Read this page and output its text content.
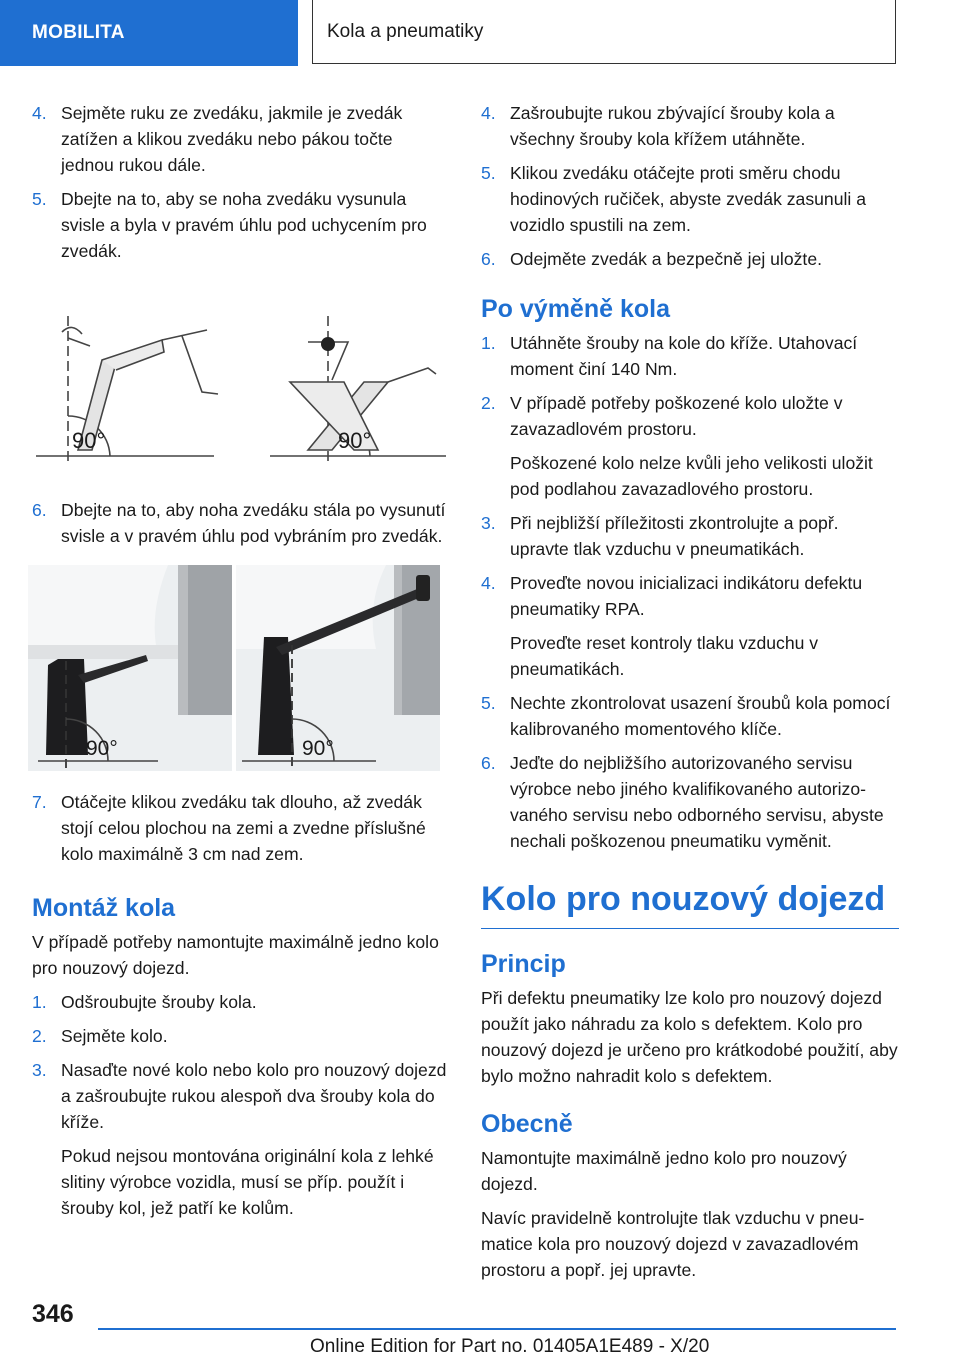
MOBILITA	Kola a pneumatiky
4. Sejměte ruku ze zvedáku, jakmile je zvedák zatížen a klikou zvedáku nebo pákou točte jednou rukou dále.
5. Dbejte na to, aby se noha zvedáku vysunula svisle a byla v pravém úhlu pod uchycením pro zvedák.
90°	90°
6. Dbejte na to, aby noha zvedáku stála po vysunutí svisle a v pravém úhlu pod vybráním pro zvedák.
90°	90°
7. Otáčejte klikou zvedáku tak dlouho, až zvedák stojí celou plochou na zemi a zvedne příslušné kolo maximálně 3 cm nad zem.
Montáž kola

V případě potřeby namontujte maximálně jedno kolo pro nouzový dojezd.

1. Odšroubujte šrouby kola.
2. Sejměte kolo.
3. Nasaďte nové kolo nebo kolo pro nouzový dojezd a zašroubujte rukou alespoň dva šrouby kola do kříže.
Pokud nejsou montována originální kola z lehké slitiny výrobce vozidla, musí se příp. použít i šrouby kol, jež patří ke kolům.
4. Zašroubujte rukou zbývající šrouby kola a všechny šrouby kola křížem utáhněte.
5. Klikou zvedáku otáčejte proti směru chodu hodinových ručiček, abyste zvedák zasunuli a vozidlo spustili na zem.
6. Odejměte zvedák a bezpečně jej uložte.
Po výměně kola
1. Utáhněte šrouby na kole do kříže. Utahovací moment činí 140 Nm.
2. V případě potřeby poškozené kolo uložte v zavazadlovém prostoru.
Poškozené kolo nelze kvůli jeho velikosti uložit pod podlahou zavazadlového prostoru.
3. Při nejbližší příležitosti zkontrolujte a popř. upravte tlak vzduchu v pneumatikách.
4. Proveďte novou inicializaci indikátoru defektu pneumatiky RPA.
Proveďte reset kontroly tlaku vzduchu v pneumatikách.
5. Nechte zkontrolovat usazení šroubů kola pomocí kalibrovaného momentového klíče.
6. Jeďte do nejbližšího autorizovaného servisu výrobce nebo jiného kvalifikovaného autorizovaného servisu nebo odborného servisu, abyste nechali poškozenou pneumatiku vyměnit.
Kolo pro nouzový dojezd
Princip

Při defektu pneumatiky lze kolo pro nouzový dojezd použít jako náhradu za kolo s defektem. Kolo pro nouzový dojezd je určeno pro krátkodobé použití, aby bylo možno nahradit kolo s defektem.

Obecně

Namontujte maximálně jedno kolo pro nouzový dojezd.

Navíc pravidelně kontrolujte tlak vzduchu v pneumatice kola pro nouzový dojezd v zavazadlovém prostoru a popř. jej upravte.

346
Online Edition for Part no. 01405A1E489 - X/20
